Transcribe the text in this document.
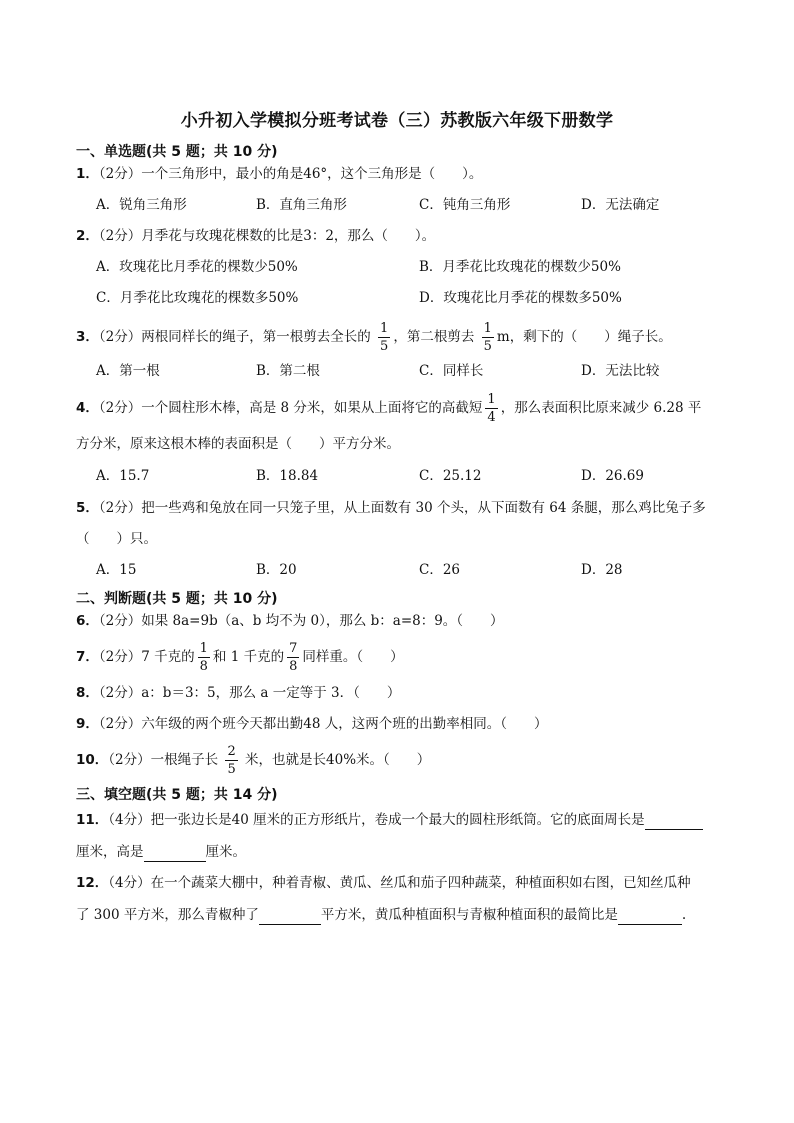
小升初入学模拟分班考试卷（三）苏教版六年级下册数学
一、单选题(共 5 题；共 10 分)
1．（2分）一个三角形中，最小的角是46°，这个三角形是（　　）。
A．锐角三角形	B．直角三角形	C．钝角三角形	D．无法确定
2．（2分）月季花与玫瑰花棵数的比是3：2，那么（　　）。
A．玫瑰花比月季花的棵数少50%	B．月季花比玫瑰花的棵数少50%
C．月季花比玫瑰花的棵数多50%	D．玫瑰花比月季花的棵数多50%
3．（2分）两根同样长的绳子，第一根剪去全长的 $\frac{1}{5}$ ，第二根剪去 $\frac{1}{5}$ m，剩下的（　　）绳子长。
A．第一根	B．第二根	C．同样长	D．无法比较
4．（2分）一个圆柱形木棒，高是 8 分米，如果从上面将它的高截短 $\frac{1}{4}$ ，那么表面积比原来减少 6.28 平
方分米，原来这根木棒的表面积是（　　）平方分米。
A．15.7	B．18.84	C．25.12	D．26.69
5．（2分）把一些鸡和兔放在同一只笼子里，从上面数有 30 个头，从下面数有 64 条腿，那么鸡比兔子多
（　　）只。
A．15	B．20	C．26	D．28
二、判断题(共 5 题；共 10 分)
6．（2分）如果 8a=9b（a、b 均不为 0），那么 b：a=8：9。（　　）
7．（2分）7 千克的 $\frac{1}{8}$ 和 1 千克的 $\frac{7}{8}$ 同样重。（　　）
8．（2分）a：b＝3：5，那么 a 一定等于 3．（　　）
9．（2分）六年级的两个班今天都出勤48 人，这两个班的出勤率相同。（　　）
10．（2分）一根绳子长 $\frac{2}{5}$ 米，也就是长40%米。（　　）
三、填空题(共 5 题；共 14 分)
11．（4分）把一张边长是40 厘米的正方形纸片，卷成一个最大的圆柱形纸筒。它的底面周长是
厘米，高是	厘米。
12．（4分）在一个蔬菜大棚中，种着青椒、黄瓜、丝瓜和茄子四种蔬菜，种植面积如右图，已知丝瓜种
了 300 平方米，那么青椒种了	平方米，黄瓜种植面积与青椒种植面积的最简比是	.
